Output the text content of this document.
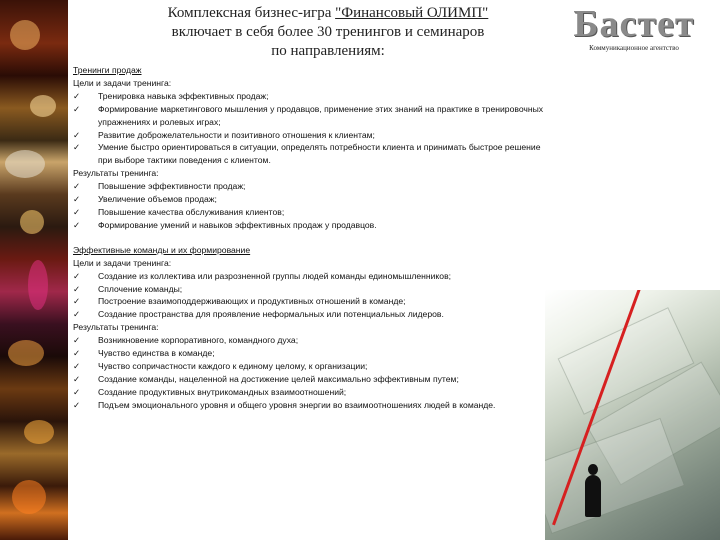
Комплексная бизнес-игра "Финансовый ОЛИМП"
включает в себя более 30 тренингов и семинаров
по направлениям:
Бастет
Коммуникационное агентство
Тренинги продаж
Цели и задачи тренинга:
✓ Тренировка навыка эффективных продаж;
✓ Формирование маркетингового мышления у продавцов, применение этих знаний на практике в тренировочных упражнениях и ролевых играх;
✓ Развитие доброжелательности и позитивного отношения к клиентам;
✓ Умение быстро ориентироваться в ситуации, определять потребности клиента и принимать быстрое решение при выборе тактики поведения с клиентом.
Результаты тренинга:
✓ Повышение эффективности продаж;
✓ Увеличение объемов продаж;
✓ Повышение качества обслуживания клиентов;
✓ Формирование умений и навыков эффективных продаж у продавцов.
Эффективные команды и их формирование
Цели и задачи тренинга:
✓ Создание из коллектива или разрозненной группы людей команды единомышленников;
✓ Сплочение команды;
✓ Построение взаимоподдерживающих и продуктивных отношений в команде;
✓ Создание пространства для проявление неформальных или потенциальных лидеров.
Результаты тренинга:
✓ Возникновение корпоративного, командного духа;
✓ Чувство единства в команде;
✓ Чувство сопричастности каждого к единому целому, к организации;
✓ Создание команды, нацеленной на достижение целей максимально эффективным путем;
✓ Создание продуктивных внутрикомандных взаимоотношений;
✓ Подъем эмоционального уровня и общего уровня энергии во взаимоотношениях людей в команде.
